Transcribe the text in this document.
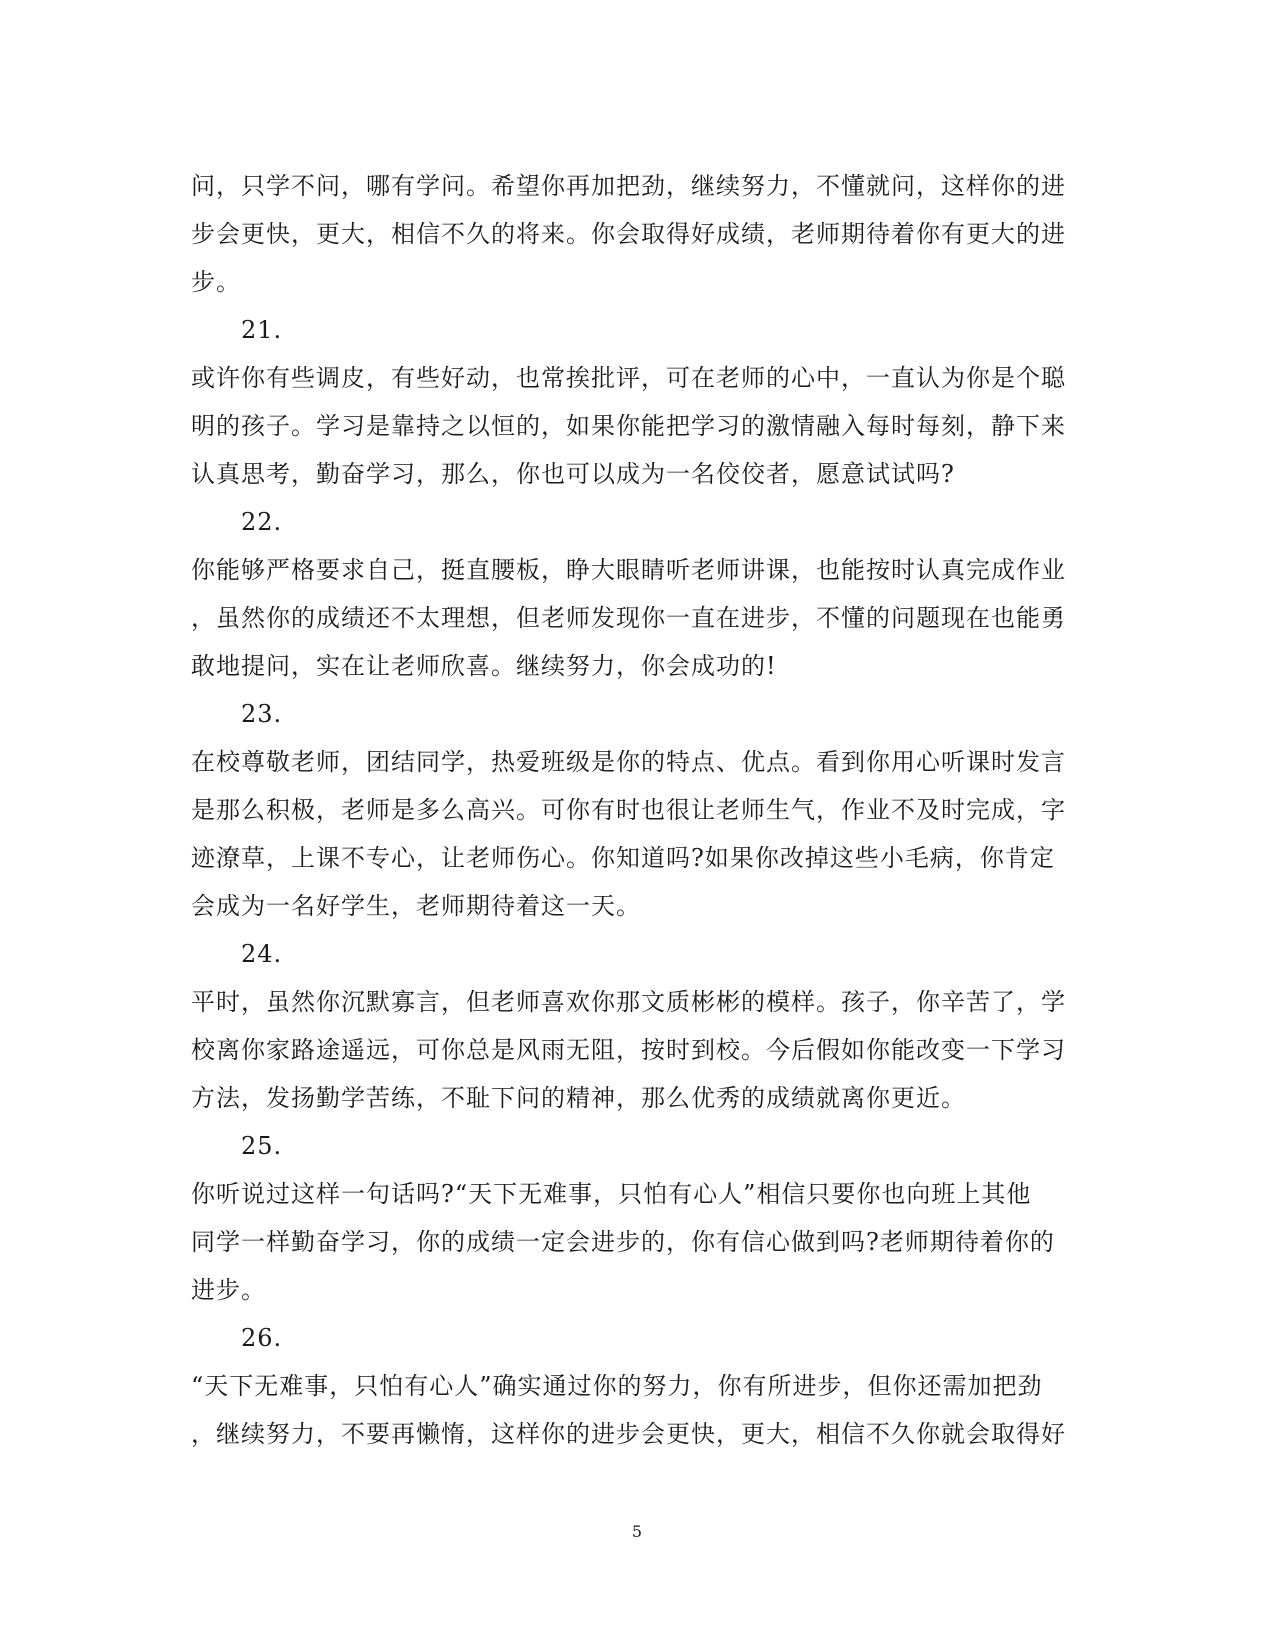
问，只学不问，哪有学问。希望你再加把劲，继续努力，不懂就问，这样你的进
步会更快，更大，相信不久的将来。你会取得好成绩，老师期待着你有更大的进
步。
21.
或许你有些调皮，有些好动，也常挨批评，可在老师的心中，一直认为你是个聪
明的孩子。学习是靠持之以恒的，如果你能把学习的激情融入每时每刻，静下来
认真思考，勤奋学习，那么，你也可以成为一名佼佼者，愿意试试吗?
22.
你能够严格要求自己，挺直腰板，睁大眼睛听老师讲课，也能按时认真完成作业
，虽然你的成绩还不太理想，但老师发现你一直在进步，不懂的问题现在也能勇
敢地提问，实在让老师欣喜。继续努力，你会成功的!
23.
在校尊敬老师，团结同学，热爱班级是你的特点、优点。看到你用心听课时发言
是那么积极，老师是多么高兴。可你有时也很让老师生气，作业不及时完成，字
迹潦草，上课不专心，让老师伤心。你知道吗?如果你改掉这些小毛病，你肯定
会成为一名好学生，老师期待着这一天。
24.
平时，虽然你沉默寡言，但老师喜欢你那文质彬彬的模样。孩子，你辛苦了，学
校离你家路途遥远，可你总是风雨无阻，按时到校。今后假如你能改变一下学习
方法，发扬勤学苦练，不耻下问的精神，那么优秀的成绩就离你更近。
25.
你听说过这样一句话吗?“天下无难事，只怕有心人”相信只要你也向班上其他
同学一样勤奋学习，你的成绩一定会进步的，你有信心做到吗?老师期待着你的
进步。
26.
“天下无难事，只怕有心人”确实通过你的努力，你有所进步，但你还需加把劲
，继续努力，不要再懒惰，这样你的进步会更快，更大，相信不久你就会取得好
5
